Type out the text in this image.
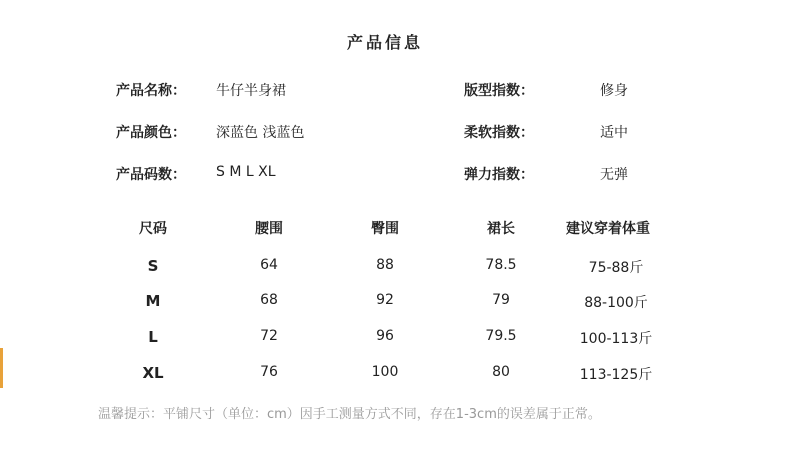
产品信息
产品名称： 牛仔半身裙
产品颜色： 深蓝色 浅蓝色
产品码数： S M L XL
版型指数：	修身
柔软指数：	适中
弹力指数：	无弹
尺码	腰围	臀围	裙长	建议穿着体重
S	64	88	78.5	75-88斤
M	68	92	79	88-100斤
L	72	96	79.5	100-113斤
XL	76	100	80	113-125斤
温馨提示：平铺尺寸（单位：cm）因手工测量方式不同，存在1-3cm的误差属于正常。
